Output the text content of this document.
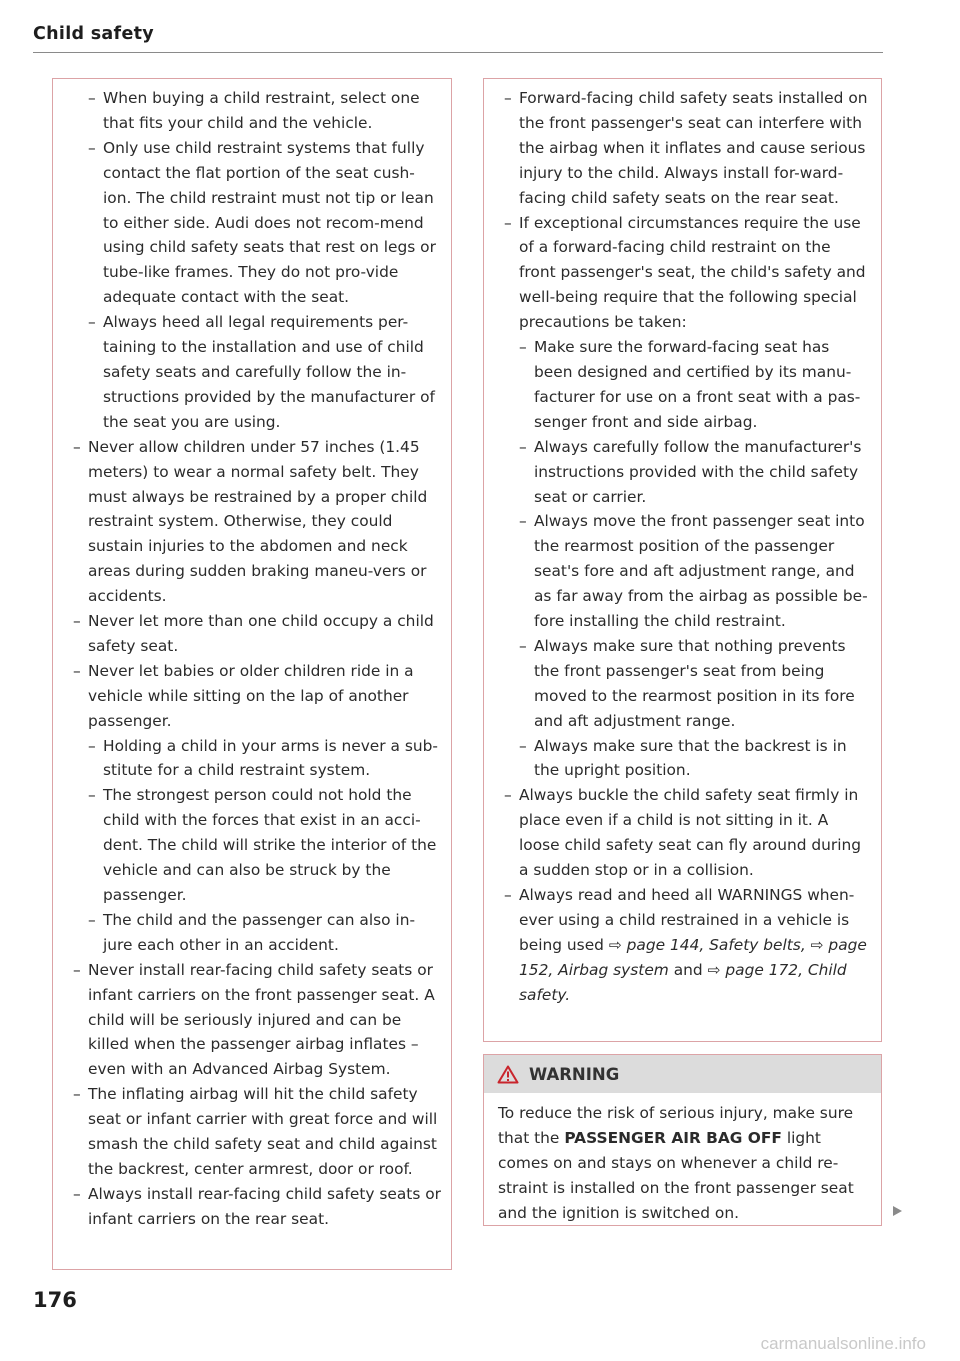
Child safety
– When buying a child restraint, select one that fits your child and the vehicle.
– Only use child restraint systems that fully contact the flat portion of the seat cush-ion. The child restraint must not tip or lean to either side. Audi does not recom-mend using child safety seats that rest on legs or tube-like frames. They do not pro-vide adequate contact with the seat.
– Always heed all legal requirements per-taining to the installation and use of child safety seats and carefully follow the in-structions provided by the manufacturer of the seat you are using.
– Never allow children under 57 inches (1.45 meters) to wear a normal safety belt. They must always be restrained by a proper child restraint system. Otherwise, they could sustain injuries to the abdomen and neck areas during sudden braking maneu-vers or accidents.
– Never let more than one child occupy a child safety seat.
– Never let babies or older children ride in a vehicle while sitting on the lap of another passenger.
– Holding a child in your arms is never a sub-stitute for a child restraint system.
– The strongest person could not hold the child with the forces that exist in an acci-dent. The child will strike the interior of the vehicle and can also be struck by the passenger.
– The child and the passenger can also in-jure each other in an accident.
– Never install rear-facing child safety seats or infant carriers on the front passenger seat. A child will be seriously injured and can be killed when the passenger airbag inflates – even with an Advanced Airbag System.
– The inflating airbag will hit the child safety seat or infant carrier with great force and will smash the child safety seat and child against the backrest, center armrest, door or roof.
– Always install rear-facing child safety seats or infant carriers on the rear seat.
– Forward-facing child safety seats installed on the front passenger's seat can interfere with the airbag when it inflates and cause serious injury to the child. Always install for-ward-facing child safety seats on the rear seat.
– If exceptional circumstances require the use of a forward-facing child restraint on the front passenger's seat, the child's safety and well-being require that the following special precautions be taken:
– Make sure the forward-facing seat has been designed and certified by its manu-facturer for use on a front seat with a pas-senger front and side airbag.
– Always carefully follow the manufacturer's instructions provided with the child safety seat or carrier.
– Always move the front passenger seat into the rearmost position of the passenger seat's fore and aft adjustment range, and as far away from the airbag as possible be-fore installing the child restraint.
– Always make sure that nothing prevents the front passenger's seat from being moved to the rearmost position in its fore and aft adjustment range.
– Always make sure that the backrest is in the upright position.
– Always buckle the child safety seat firmly in place even if a child is not sitting in it. A loose child safety seat can fly around during a sudden stop or in a collision.
– Always read and heed all WARNINGS when-ever using a child restrained in a vehicle is being used ⇨ page 144, Safety belts, ⇨ page 152, Airbag system and ⇨ page 172, Child safety.
WARNING
To reduce the risk of serious injury, make sure that the PASSENGER AIR BAG OFF light comes on and stays on whenever a child re-straint is installed on the front passenger seat and the ignition is switched on.
176
carmanualsonline.info
